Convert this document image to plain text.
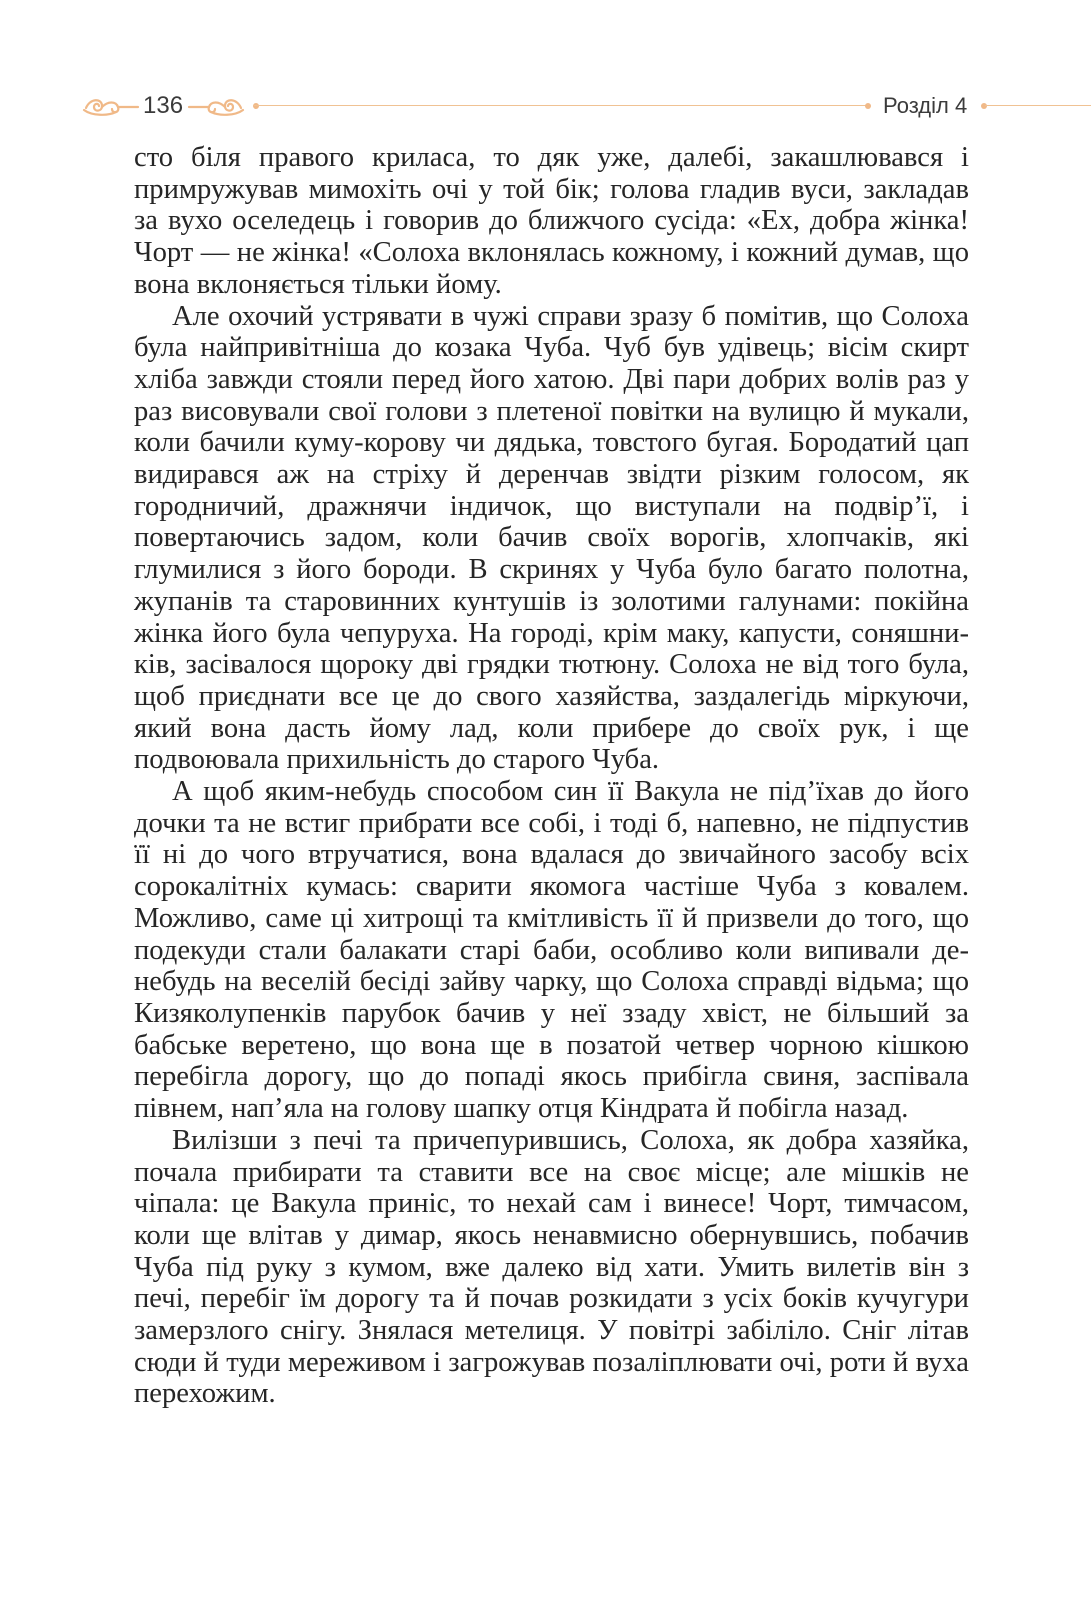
136	Розділ 4

сто біля правого криласа, то дяк уже, далебі, закашлювався і примружував мимохіть очі у той бік; голова гладив вуси, закладав за вухо оселедець і говорив до ближчого сусіда: «Ех, добра жінка! Чорт — не жінка! «Солоха вклонялась кожному, і кожний думав, що вона вклоняється тільки йому.

Але охочий устрявати в чужі справи зразу б помітив, що Солоха була найпривітніша до козака Чуба. Чуб був удівець; вісім скирт хліба завжди стояли перед його хатою. Дві пари добрих волів раз у раз висовували свої голови з плетеної повітки на вулицю й мукали, коли бачили куму-корову чи дядька, товстого бугая. Бородатий цап видирався аж на стріху й деренчав звідти різким голосом, як городничий, дражнячи індичок, що виступали на подвір’ї, і повертаючись задом, коли бачив своїх ворогів, хлопчаків, які глумилися з його бороди. В скринях у Чуба було багато полотна, жупанів та старовинних кунтушів із золотими галунами: покійна жінка його була чепуруха. На городі, крім маку, капусти, соняшників, засівалося щороку дві грядки тютюну. Солоха не від того була, щоб приєднати все це до свого хазяйства, заздалегідь міркуючи, який вона дасть йому лад, коли прибере до своїх рук, і ще подвоювала прихильність до старого Чуба.

А щоб яким-небудь способом син її Вакула не під’їхав до його дочки та не встиг прибрати все собі, і тоді б, напевно, не підпустив її ні до чого втручатися, вона вдалася до звичайного засобу всіх сорокалітніх кумась: сварити якомога частіше Чуба з ковалем. Можливо, саме ці хитрощі та кмітливість її й призвели до того, що подекуди стали балакати старі баби, особливо коли випивали де-небудь на веселій бесіді зайву чарку, що Солоха справді відьма; що Кизяколупенків парубок бачив у неї ззаду хвіст, не більший за бабське веретено, що вона ще в позатой четвер чорною кішкою перебігла дорогу, що до попаді якось прибігла свиня, заспівала півнем, нап’яла на голову шапку отця Кіндрата й побігла назад.

Вилізши з печі та причепурившись, Солоха, як добра хазяйка, почала прибирати та ставити все на своє місце; але мішків не чіпала: це Вакула приніс, то нехай сам і винесе! Чорт, тимчасом, коли ще влітав у димар, якось ненавмисно обернувшись, побачив Чуба під руку з кумом, вже далеко від хати. Умить вилетів він з печі, перебіг їм дорогу та й почав розкидати з усіх боків кучугури замерзлого снігу. Знялася метелиця. У повітрі забіліло. Сніг літав сюди й туди мереживом і загрожував позаліплювати очі, роти й вуха перехожим.
